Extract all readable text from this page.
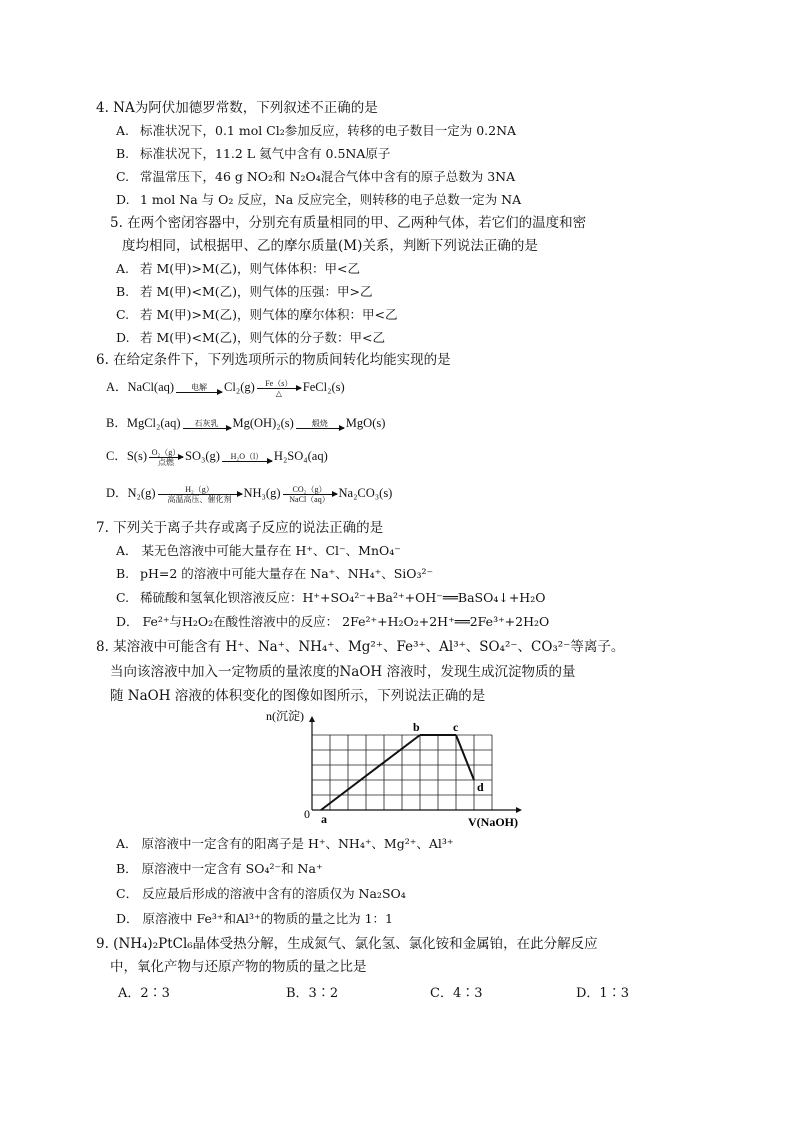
4. NA为阿伏加德罗常数，下列叙述不正确的是
A. 标准状况下，0.1 mol Cl₂参加反应，转移的电子数目一定为 0.2NA
B. 标准状况下，11.2 L 氦气中含有 0.5NA原子
C. 常温常压下，46 g NO₂和 N₂O₄混合气体中含有的原子总数为 3NA
D. 1 mol Na 与 O₂ 反应，Na 反应完全，则转移的电子总数一定为 NA
5. 在两个密闭容器中，分别充有质量相同的甲、乙两种气体，若它们的温度和密
度均相同，试根据甲、乙的摩尔质量(M)关系，判断下列说法正确的是
A. 若 M(甲)>M(乙)，则气体体积：甲<乙
B. 若 M(甲)<M(乙)，则气体的压强：甲>乙
C. 若 M(甲)>M(乙)，则气体的摩尔体积：甲<乙
D. 若 M(甲)<M(乙)，则气体的分子数：甲<乙
6. 在给定条件下，下列选项所示的物质间转化均能实现的是
A．NaCl(aq)	电解	Cl₂(g)	Fe（s）
△	FeCl₂(s)
B．MgCl₂(aq)	石灰乳	Mg(OH)₂(s)	煅烧	MgO(s)
C．S(s) O₂（g）
点燃 SO₃(g)	H₂O（l） H₂SO₄(aq)
D．N₂(g)	H₂（g）
高温高压、催化剂 NH₃(g)	CO₂（g）
NaCl（aq） Na₂CO₃(s)
7. 下列关于离子共存或离子反应的说法正确的是
A． 某无色溶液中可能大量存在 H⁺、Cl⁻、MnO₄⁻
B. pH=2 的溶液中可能大量存在 Na⁺、NH₄⁺、SiO₃²⁻
C. 稀硫酸和氢氧化钡溶液反应：H⁺+SO₄²⁻+Ba²⁺+OH⁻══BaSO₄↓+H₂O
D． Fe²⁺与H₂O₂在酸性溶液中的反应： 2Fe²⁺+H₂O₂+2H⁺══2Fe³⁺+2H₂O
8. 某溶液中可能含有 H⁺、Na⁺、NH₄⁺、Mg²⁺、Fe³⁺、Al³⁺、SO₄²⁻、CO₃²⁻等离子。
当向该溶液中加入一定物质的量浓度的NaOH 溶液时，发现生成沉淀物质的量
随 NaOH 溶液的体积变化的图像如图所示，下列说法正确的是
a
b	c
d
n(沉淀)
V(NaOH)
0
A． 原溶液中一定含有的阳离子是 H⁺、NH₄⁺、Mg²⁺、Al³⁺
B． 原溶液中一定含有 SO₄²⁻和 Na⁺
C． 反应最后形成的溶液中含有的溶质仅为 Na₂SO₄
D． 原溶液中 Fe³⁺和Al³⁺的物质的量之比为 1：1
9. (NH₄)₂PtCl₆晶体受热分解，生成氮气、氯化氢、氯化铵和金属铂，在此分解反应
中，氧化产物与还原产物的物质的量之比是
A．2∶3	B．3∶2	C．4∶3	D．1∶3
